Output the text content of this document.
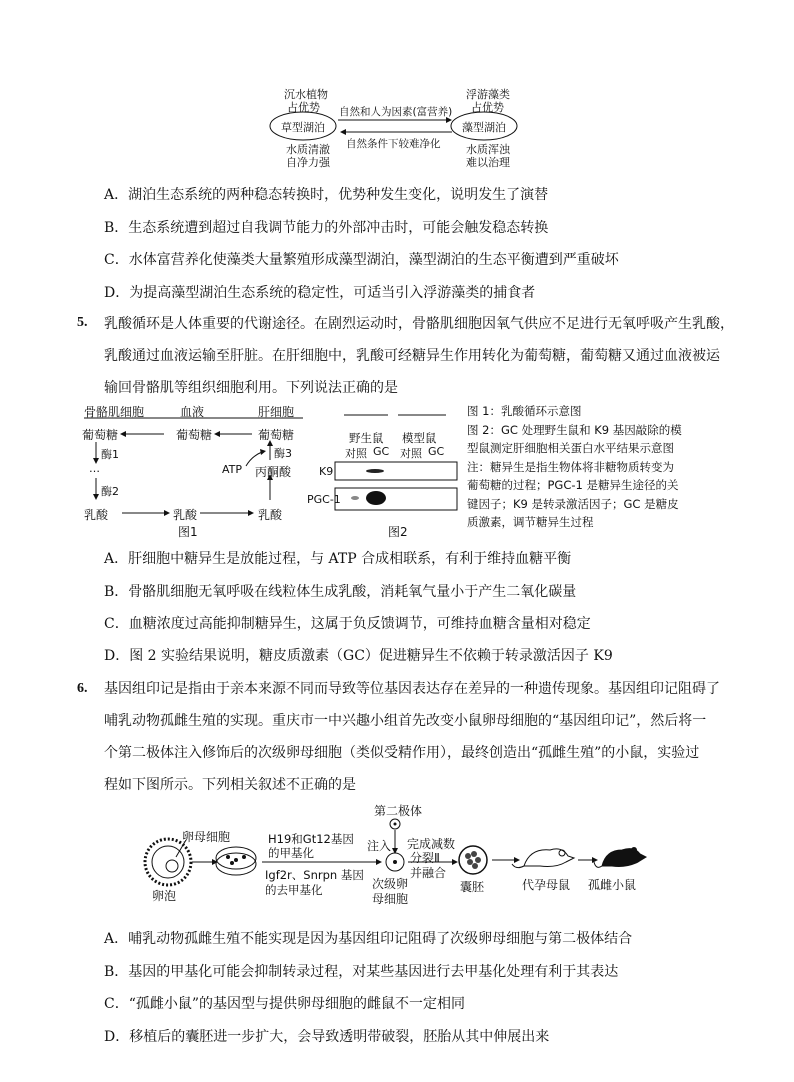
沉水植物
占优势
草型湖泊
水质清澈
自净力强
自然和人为因素(富营养)
自然条件下较难净化
浮游藻类
占优势
藻型湖泊
水质浑浊
难以治理
A．湖泊生态系统的两种稳态转换时，优势种发生变化，说明发生了演替
B．生态系统遭到超过自我调节能力的外部冲击时，可能会触发稳态转换
C．水体富营养化使藻类大量繁殖形成藻型湖泊，藻型湖泊的生态平衡遭到严重破坏
D．为提高藻型湖泊生态系统的稳定性，可适当引入浮游藻类的捕食者
5. 乳酸循环是人体重要的代谢途径。在剧烈运动时，骨骼肌细胞因氧气供应不足进行无氧呼吸产生乳酸，
乳酸通过血液运输至肝脏。在肝细胞中，乳酸可经糖异生作用转化为葡萄糖，葡萄糖又通过血液被运
输回骨骼肌等组织细胞利用。下列说法正确的是
骨骼肌细胞	血液	肝细胞
葡萄糖	葡萄糖	葡萄糖
酶1
…
酶2
乳酸	乳酸	乳酸
酶3
ATP 丙酮酸
图1
野生鼠 模型鼠
对照 GC 对照 GC
K9
PGC-1
图2
图 1：乳酸循环示意图
图 2：GC 处理野生鼠和 K9 基因敲除的模
型鼠测定肝细胞相关蛋白水平结果示意图
注：糖异生是指生物体将非糖物质转变为
葡萄糖的过程；PGC-1 是糖异生途径的关
键因子；K9 是转录激活因子；GC 是糖皮
质激素，调节糖异生过程
A．肝细胞中糖异生是放能过程，与 ATP 合成相联系，有利于维持血糖平衡
B．骨骼肌细胞无氧呼吸在线粒体生成乳酸，消耗氧气量小于产生二氧化碳量
C．血糖浓度过高能抑制糖异生，这属于负反馈调节，可维持血糖含量相对稳定
D．图 2 实验结果说明，糖皮质激素（GC）促进糖异生不依赖于转录激活因子 K9
6. 基因组印记是指由于亲本来源不同而导致等位基因表达存在差异的一种遗传现象。基因组印记阻碍了
哺乳动物孤雌生殖的实现。重庆市一中兴趣小组首先改变小鼠卵母细胞的“基因组印记”，然后将一
个第二极体注入修饰后的次级卵母细胞（类似受精作用），最终创造出“孤雌生殖”的小鼠，实验过
程如下图所示。下列相关叙述不正确的是
第二极体
卵母细胞
卵泡
H19和Gt12基因
的甲基化
Igf2r、Snrpn 基因
的去甲基化
注入 完成减数
分裂Ⅱ
并融合
次级卵
母细胞
囊胚	代孕母鼠 孤雌小鼠
A．哺乳动物孤雌生殖不能实现是因为基因组印记阻碍了次级卵母细胞与第二极体结合
B．基因的甲基化可能会抑制转录过程，对某些基因进行去甲基化处理有利于其表达
C．“孤雌小鼠”的基因型与提供卵母细胞的雌鼠不一定相同
D．移植后的囊胚进一步扩大，会导致透明带破裂，胚胎从其中伸展出来
